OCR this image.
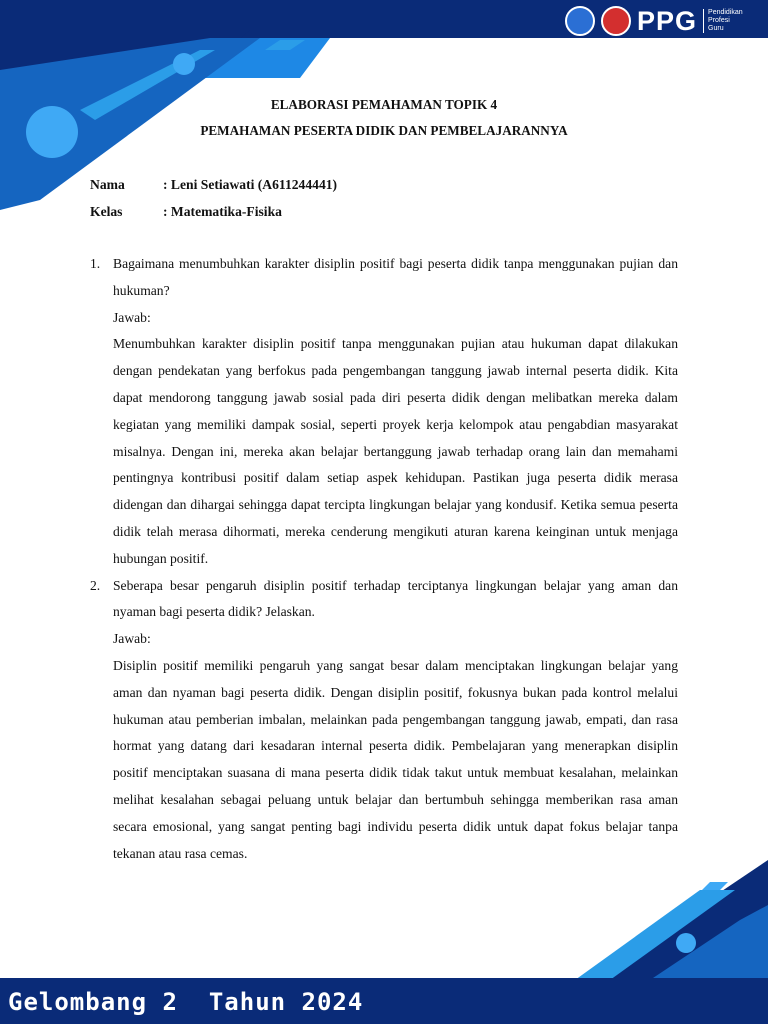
PPG Pendidikan
Profesi
Guru
ELABORASI PEMAHAMAN TOPIK 4
PEMAHAMAN PESERTA DIDIK DAN PEMBELAJARANNYA
Nama	: Leni Setiawati (A611244441)
Kelas	: Matematika-Fisika
1. Bagaimana menumbuhkan karakter disiplin positif bagi peserta didik tanpa menggunakan pujian dan hukuman?
Jawab:
Menumbuhkan karakter disiplin positif tanpa menggunakan pujian atau hukuman dapat dilakukan dengan pendekatan yang berfokus pada pengembangan tanggung jawab internal peserta didik. Kita dapat mendorong tanggung jawab sosial pada diri peserta didik dengan melibatkan mereka dalam kegiatan yang memiliki dampak sosial, seperti proyek kerja kelompok atau pengabdian masyarakat misalnya. Dengan ini, mereka akan belajar bertanggung jawab terhadap orang lain dan memahami pentingnya kontribusi positif dalam setiap aspek kehidupan. Pastikan juga peserta didik merasa didengan dan dihargai sehingga dapat tercipta lingkungan belajar yang kondusif. Ketika semua peserta didik telah merasa dihormati, mereka cenderung mengikuti aturan karena keinginan untuk menjaga hubungan positif.
2. Seberapa besar pengaruh disiplin positif terhadap terciptanya lingkungan belajar yang aman dan nyaman bagi peserta didik? Jelaskan.
Jawab:
Disiplin positif memiliki pengaruh yang sangat besar dalam menciptakan lingkungan belajar yang aman dan nyaman bagi peserta didik. Dengan disiplin positif, fokusnya bukan pada kontrol melalui hukuman atau pemberian imbalan, melainkan pada pengembangan tanggung jawab, empati, dan rasa hormat yang datang dari kesadaran internal peserta didik. Pembelajaran yang menerapkan disiplin positif menciptakan suasana di mana peserta didik tidak takut untuk membuat kesalahan, melainkan melihat kesalahan sebagai peluang untuk belajar dan bertumbuh sehingga memberikan rasa aman secara emosional, yang sangat penting bagi individu peserta didik untuk dapat fokus belajar tanpa tekanan atau rasa cemas.
Gelombang 2  Tahun 2024
